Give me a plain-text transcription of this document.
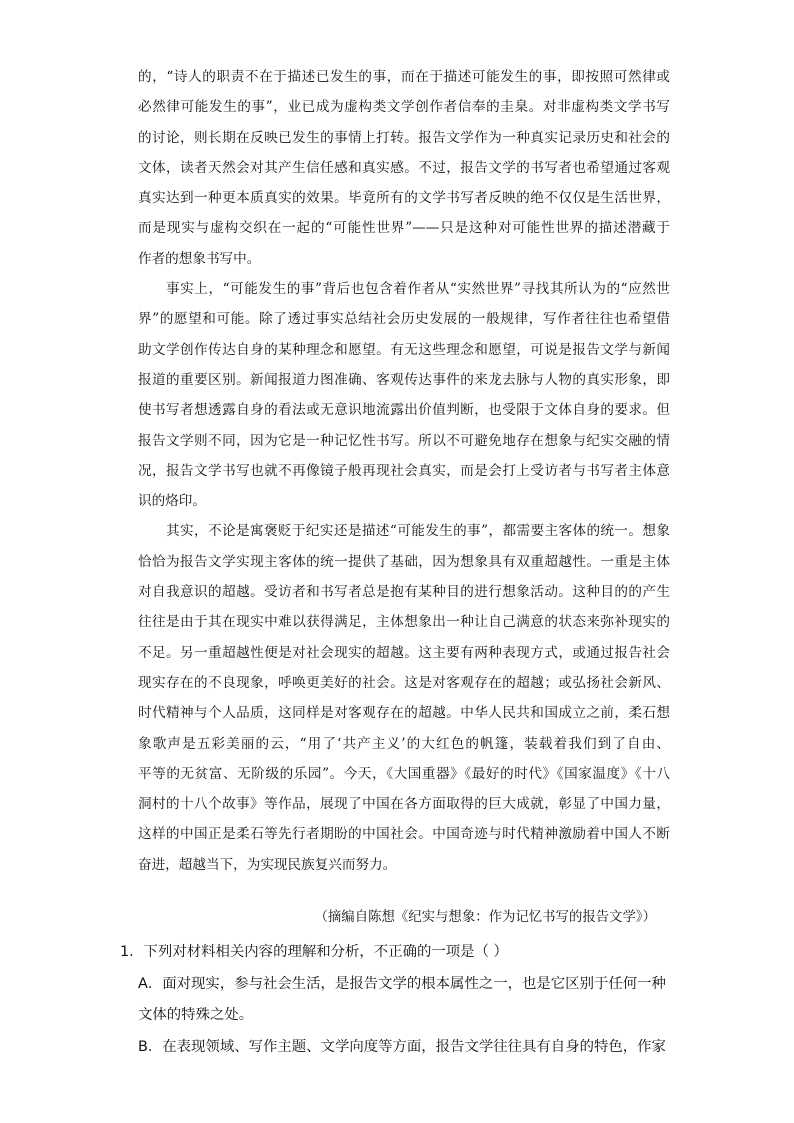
的，“诗人的职责不在于描述已发生的事，而在于描述可能发生的事，即按照可然律或
必然律可能发生的事”，业已成为虚构类文学创作者信奉的圭臬。对非虚构类文学书写
的讨论，则长期在反映已发生的事情上打转。报告文学作为一种真实记录历史和社会的
文体，读者天然会对其产生信任感和真实感。不过，报告文学的书写者也希望通过客观
真实达到一种更本质真实的效果。毕竟所有的文学书写者反映的绝不仅仅是生活世界，
而是现实与虚构交织在一起的“可能性世界”——只是这种对可能性世界的描述潜藏于
作者的想象书写中。
事实上，“可能发生的事”背后也包含着作者从“实然世界”寻找其所认为的“应然世
界”的愿望和可能。除了透过事实总结社会历史发展的一般规律，写作者往往也希望借
助文学创作传达自身的某种理念和愿望。有无这些理念和愿望，可说是报告文学与新闻
报道的重要区别。新闻报道力图准确、客观传达事件的来龙去脉与人物的真实形象，即
使书写者想透露自身的看法或无意识地流露出价值判断，也受限于文体自身的要求。但
报告文学则不同，因为它是一种记忆性书写。所以不可避免地存在想象与纪实交融的情
况，报告文学书写也就不再像镜子般再现社会真实，而是会打上受访者与书写者主体意
识的烙印。
其实，不论是寓褒贬于纪实还是描述“可能发生的事”，都需要主客体的统一。想象
恰恰为报告文学实现主客体的统一提供了基础，因为想象具有双重超越性。一重是主体
对自我意识的超越。受访者和书写者总是抱有某种目的进行想象活动。这种目的的产生
往往是由于其在现实中难以获得满足，主体想象出一种让自己满意的状态来弥补现实的
不足。另一重超越性便是对社会现实的超越。这主要有两种表现方式，或通过报告社会
现实存在的不良现象，呼唤更美好的社会。这是对客观存在的超越；或弘扬社会新风、
时代精神与个人品质，这同样是对客观存在的超越。中华人民共和国成立之前，柔石想
象歌声是五彩美丽的云，“用了‘共产主义’的大红色的帆篷，装载着我们到了自由、
平等的无贫富、无阶级的乐园”。今天，《大国重器》《最好的时代》《国家温度》《十八
洞村的十八个故事》等作品，展现了中国在各方面取得的巨大成就，彰显了中国力量，
这样的中国正是柔石等先行者期盼的中国社会。中国奇迹与时代精神激励着中国人不断
奋进，超越当下，为实现民族复兴而努力。
（摘编自陈想《纪实与想象：作为记忆书写的报告文学》）
1．下列对材料相关内容的理解和分析，不正确的一项是（ ）
A．面对现实，参与社会生活，是报告文学的根本属性之一，也是它区别于任何一种
文体的特殊之处。
B．在表现领域、写作主题、文学向度等方面，报告文学往往具有自身的特色，作家
